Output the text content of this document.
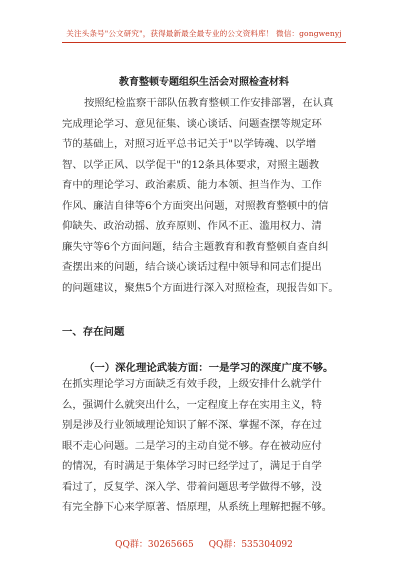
关注头条号"公文研究"，获得最新最全最专业的公文资料库！ 微信：gongwenyj
教育整顿专题组织生活会对照检查材料
按照纪检监察干部队伍教育整顿工作安排部署，在认真
完成理论学习、意见征集、谈心谈话、问题查摆等规定环
节的基础上，对照习近平总书记关于"以学铸魂、以学增
智、以学正风、以学促干"的12条具体要求，对照主题教
育中的理论学习、政治素质、能力本领、担当作为、工作
作风、廉洁自律等6个方面突出问题，对照教育整顿中的信
仰缺失、政治动摇、放弃原则、作风不正、滥用权力、清
廉失守等6个方面问题，结合主题教育和教育整顿自查自纠
查摆出来的问题，结合谈心谈话过程中领导和同志们提出
的问题建议，聚焦5个方面进行深入对照检查，现报告如下。
一、存在问题
（一）深化理论武装方面：一是学习的深度广度不够。
在抓实理论学习方面缺乏有效手段，上级安排什么就学什
么，强调什么就突出什么，一定程度上存在实用主义，特
别是涉及行业领域理论知识了解不深、掌握不深，存在过
眼不走心问题。二是学习的主动自觉不够。存在被动应付
的情况，有时满足于集体学习时已经学过了，满足于自学
看过了，反复学、深入学、带着问题思考学做得不够，没
有完全静下心来学原著、悟原理，从系统上理解把握不够。
QQ群：30265665 QQ群：535304092
